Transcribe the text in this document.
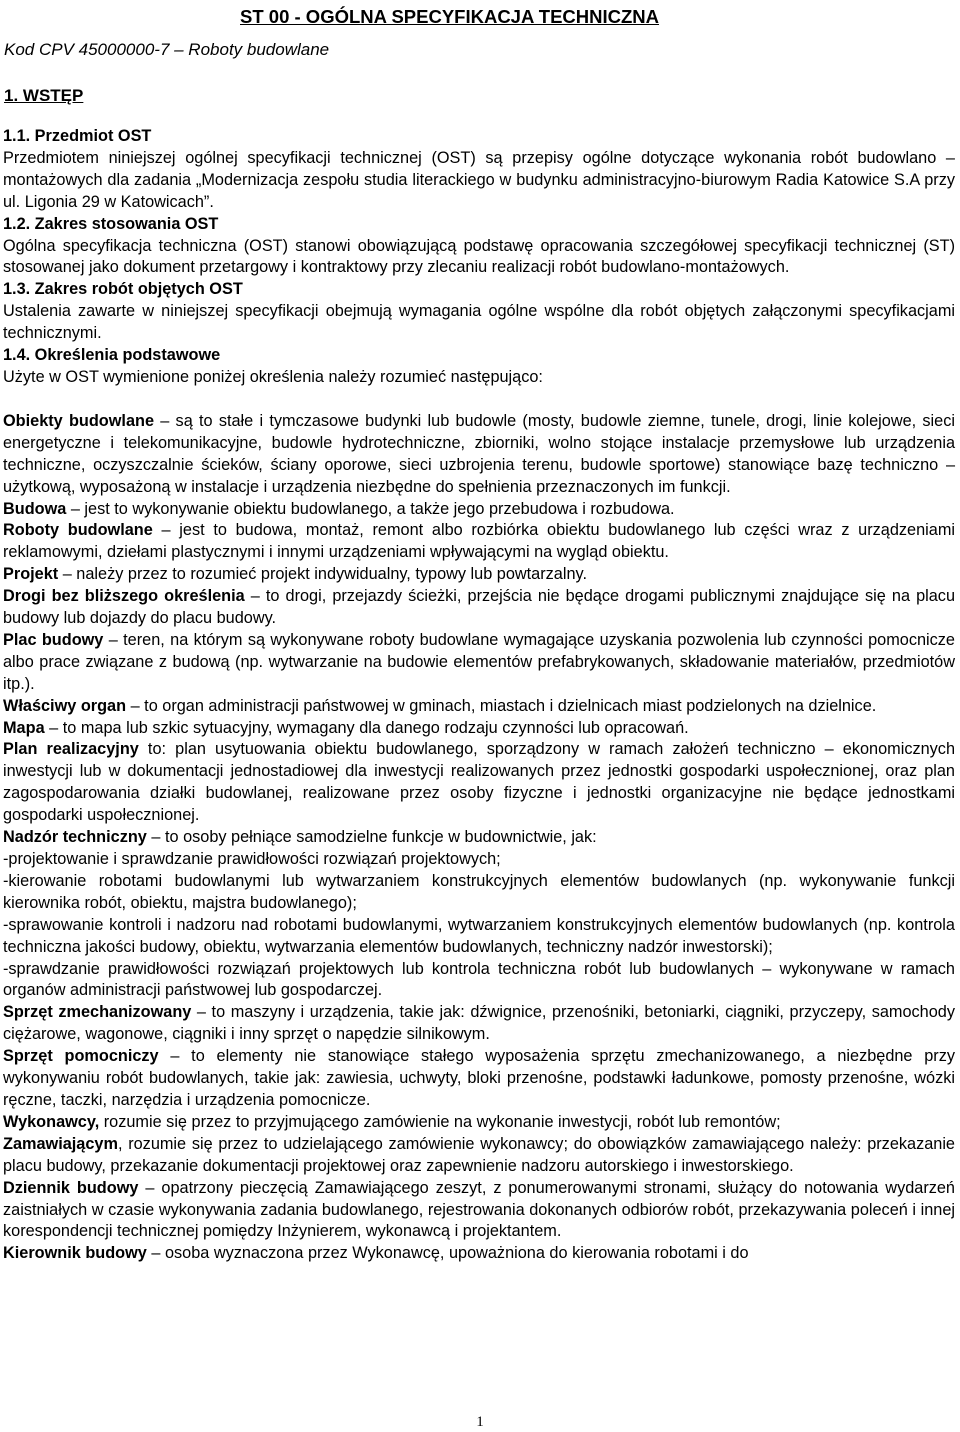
ST 00 - OGÓLNA SPECYFIKACJA TECHNICZNA
Kod CPV 45000000-7 – Roboty budowlane
1. WSTĘP

1.1. Przedmiot OST

Przedmiotem niniejszej ogólnej specyfikacji technicznej (OST) są przepisy ogólne dotyczące wykonania robót budowlano – montażowych dla zadania „Modernizacja zespołu studia literackiego w budynku administracyjno-biurowym Radia Katowice S.A przy ul. Ligonia 29 w Katowicach”.

1.2. Zakres stosowania OST

Ogólna specyfikacja techniczna (OST) stanowi obowiązującą podstawę opracowania szczegółowej specyfikacji technicznej (ST) stosowanej jako dokument przetargowy i kontraktowy przy zlecaniu realizacji robót budowlano-montażowych.

1.3. Zakres robót objętych OST

Ustalenia zawarte w niniejszej specyfikacji obejmują wymagania ogólne wspólne dla robót objętych załączonymi specyfikacjami technicznymi.

1.4. Określenia podstawowe

Użyte w OST wymienione poniżej określenia należy rozumieć następująco:

Obiekty budowlane – są to stałe i tymczasowe budynki lub budowle (mosty, budowle ziemne, tunele, drogi, linie kolejowe, sieci energetyczne i telekomunikacyjne, budowle hydrotechniczne, zbiorniki, wolno stojące instalacje przemysłowe lub urządzenia techniczne, oczyszczalnie ścieków, ściany oporowe, sieci uzbrojenia terenu, budowle sportowe) stanowiące bazę techniczno – użytkową, wyposażoną w instalacje i urządzenia niezbędne do spełnienia przeznaczonych im funkcji.

Budowa – jest to wykonywanie obiektu budowlanego, a także jego przebudowa i rozbudowa.

Roboty budowlane – jest to budowa, montaż, remont albo rozbiórka obiektu budowlanego lub części wraz z urządzeniami reklamowymi, dziełami plastycznymi i innymi urządzeniami wpływającymi na wygląd obiektu.

Projekt – należy przez to rozumieć projekt indywidualny, typowy lub powtarzalny.

Drogi bez bliższego określenia – to drogi, przejazdy ścieżki, przejścia nie będące drogami publicznymi znajdujące się na placu budowy lub dojazdy do placu budowy.

Plac budowy – teren, na którym są wykonywane roboty budowlane wymagające uzyskania pozwolenia lub czynności pomocnicze albo prace związane z budową (np. wytwarzanie na budowie elementów prefabrykowanych, składowanie materiałów, przedmiotów itp.).

Właściwy organ – to organ administracji państwowej w gminach, miastach i dzielnicach miast podzielonych na dzielnice.

Mapa – to mapa lub szkic sytuacyjny, wymagany dla danego rodzaju czynności lub opracowań.

Plan realizacyjny to: plan usytuowania obiektu budowlanego, sporządzony w ramach założeń techniczno – ekonomicznych inwestycji lub w dokumentacji jednostadiowej dla inwestycji realizowanych przez jednostki gospodarki uspołecznionej, oraz plan zagospodarowania działki budowlanej, realizowane przez osoby fizyczne i jednostki organizacyjne nie będące jednostkami gospodarki uspołecznionej.

Nadzór techniczny – to osoby pełniące samodzielne funkcje w budownictwie, jak:

-projektowanie i sprawdzanie prawidłowości rozwiązań projektowych;

-kierowanie robotami budowlanymi lub wytwarzaniem konstrukcyjnych elementów budowlanych (np. wykonywanie funkcji kierownika robót, obiektu, majstra budowlanego);

-sprawowanie kontroli i nadzoru nad robotami budowlanymi, wytwarzaniem konstrukcyjnych elementów budowlanych (np. kontrola techniczna jakości budowy, obiektu, wytwarzania elementów budowlanych, techniczny nadzór inwestorski);

-sprawdzanie prawidłowości rozwiązań projektowych lub kontrola techniczna robót lub budowlanych – wykonywane w ramach organów administracji państwowej lub gospodarczej.

Sprzęt zmechanizowany – to maszyny i urządzenia, takie jak: dźwignice, przenośniki, betoniarki, ciągniki, przyczepy, samochody ciężarowe, wagonowe, ciągniki i inny sprzęt o napędzie silnikowym.

Sprzęt pomocniczy – to elementy nie stanowiące stałego wyposażenia sprzętu zmechanizowanego, a niezbędne przy wykonywaniu robót budowlanych, takie jak: zawiesia, uchwyty, bloki przenośne, podstawki ładunkowe, pomosty przenośne, wózki ręczne, taczki, narzędzia i urządzenia pomocnicze.

Wykonawcy, rozumie się przez to przyjmującego zamówienie na wykonanie inwestycji, robót lub remontów;

Zamawiającym, rozumie się przez to udzielającego zamówienie wykonawcy; do obowiązków zamawiającego należy: przekazanie placu budowy, przekazanie dokumentacji projektowej oraz zapewnienie nadzoru autorskiego i inwestorskiego.

Dziennik budowy – opatrzony pieczęcią Zamawiającego zeszyt, z ponumerowanymi stronami, służący do notowania wydarzeń zaistniałych w czasie wykonywania zadania budowlanego, rejestrowania dokonanych odbiorów robót, przekazywania poleceń i innej korespondencji technicznej pomiędzy Inżynierem, wykonawcą i projektantem.

Kierownik budowy – osoba wyznaczona przez Wykonawcę, upoważniona do kierowania robotami i do

1
